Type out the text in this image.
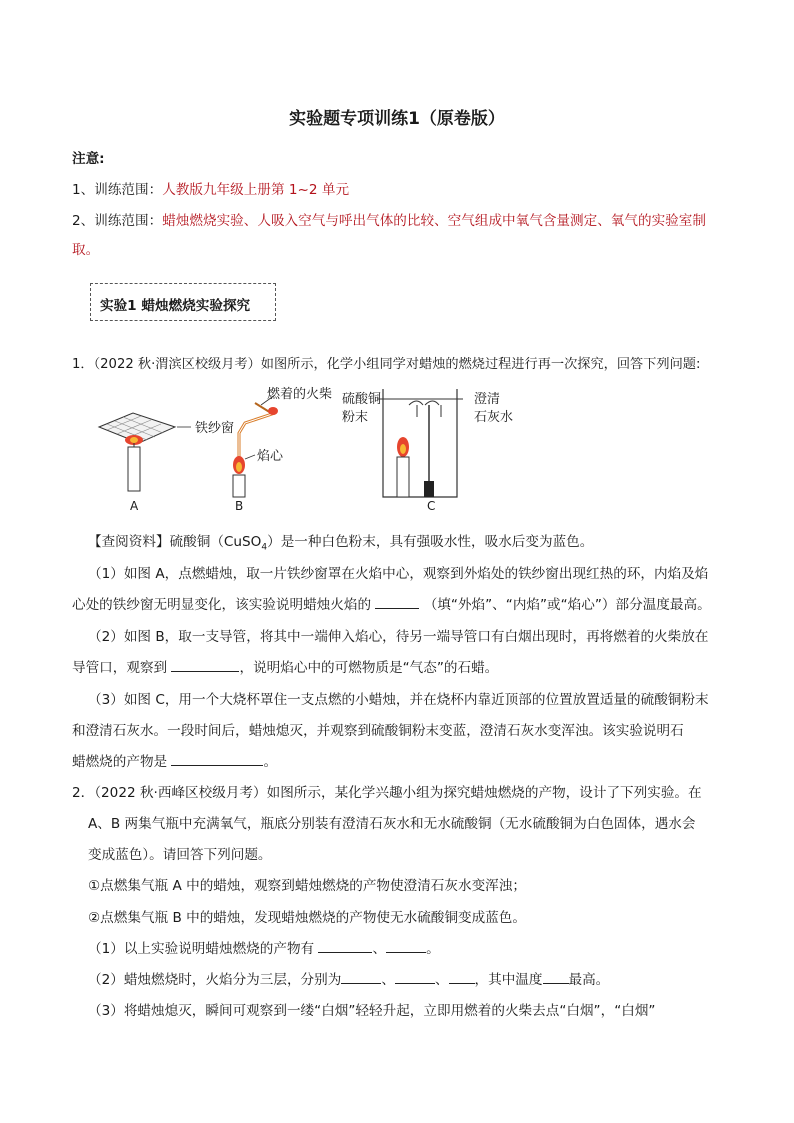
实验题专项训练1（原卷版）
注意:
1、训练范围：人教版九年级上册第 1~2 单元
2、训练范围：蜡烛燃烧实验、人吸入空气与呼出气体的比较、空气组成中氧气含量测定、氧气的实验室制
取。
实验1 蜡烛燃烧实验探究
1．（2022 秋·渭滨区校级月考）如图所示，化学小组同学对蜡烛的燃烧过程进行再一次探究，回答下列问题:
铁纱窗
A
燃着的火柴
焰心
B
硫酸铜
粉末
澄清
石灰水
C
【查阅资料】硫酸铜（CuSO$_4$）是一种白色粉末，具有强吸水性，吸水后变为蓝色。
（1）如图 A，点燃蜡烛，取一片铁纱窗罩在火焰中心，观察到外焰处的铁纱窗出现红热的环，内焰及焰
心处的铁纱窗无明显变化，该实验说明蜡烛火焰的	（填“外焰”、“内焰”或“焰心”）部分温度最高。
（2）如图 B，取一支导管，将其中一端伸入焰心，待另一端导管口有白烟出现时，再将燃着的火柴放在
导管口，观察到	，说明焰心中的可燃物质是“气态”的石蜡。
（3）如图 C，用一个大烧杯罩住一支点燃的小蜡烛，并在烧杯内靠近顶部的位置放置适量的硫酸铜粉末
和澄清石灰水。一段时间后，蜡烛熄灭，并观察到硫酸铜粉末变蓝，澄清石灰水变浑浊。该实验说明石
蜡燃烧的产物是	。
2．（2022 秋·西峰区校级月考）如图所示，某化学兴趣小组为探究蜡烛燃烧的产物，设计了下列实验。在
A、B 两集气瓶中充满氧气，瓶底分别装有澄清石灰水和无水硫酸铜（无水硫酸铜为白色固体，遇水会
变成蓝色）。请回答下列问题。
①点燃集气瓶 A 中的蜡烛，观察到蜡烛燃烧的产物使澄清石灰水变浑浊；
②点燃集气瓶 B 中的蜡烛，发现蜡烛燃烧的产物使无水硫酸铜变成蓝色。
（1）以上实验说明蜡烛燃烧的产物有	、	。
（2）蜡烛燃烧时，火焰分为三层，分别为	、	、 ，其中温度 最高。
（3）将蜡烛熄灭，瞬间可观察到一缕“白烟”轻轻升起，立即用燃着的火柴去点“白烟”，“白烟”
